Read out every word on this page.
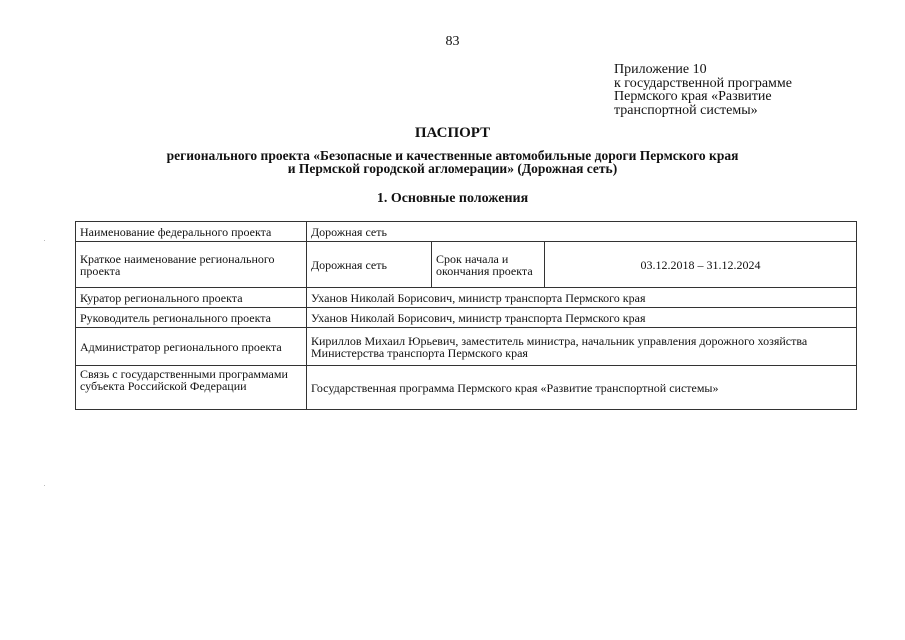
83
Приложение 10
к государственной программе
Пермского края «Развитие
транспортной системы»
ПАСПОРТ
регионального проекта «Безопасные и качественные автомобильные дороги Пермского края
и Пермской городской агломерации» (Дорожная сеть)
1. Основные положения
Наименование федерального проекта	Дорожная сеть		
Краткое наименование регионального проекта	Дорожная сеть	Срок начала и окончания проекта	03.12.2018 – 31.12.2024
Куратор регионального проекта	Уханов Николай Борисович, министр транспорта Пермского края		
Руководитель регионального проекта	Уханов Николай Борисович, министр транспорта Пермского края		
Администратор регионального проекта	Кириллов Михаил Юрьевич, заместитель министра, начальник управления дорожного хозяйства Министерства транспорта Пермского края		
Связь с государственными программами субъекта Российской Федерации	Государственная программа Пермского края «Развитие транспортной системы»		
